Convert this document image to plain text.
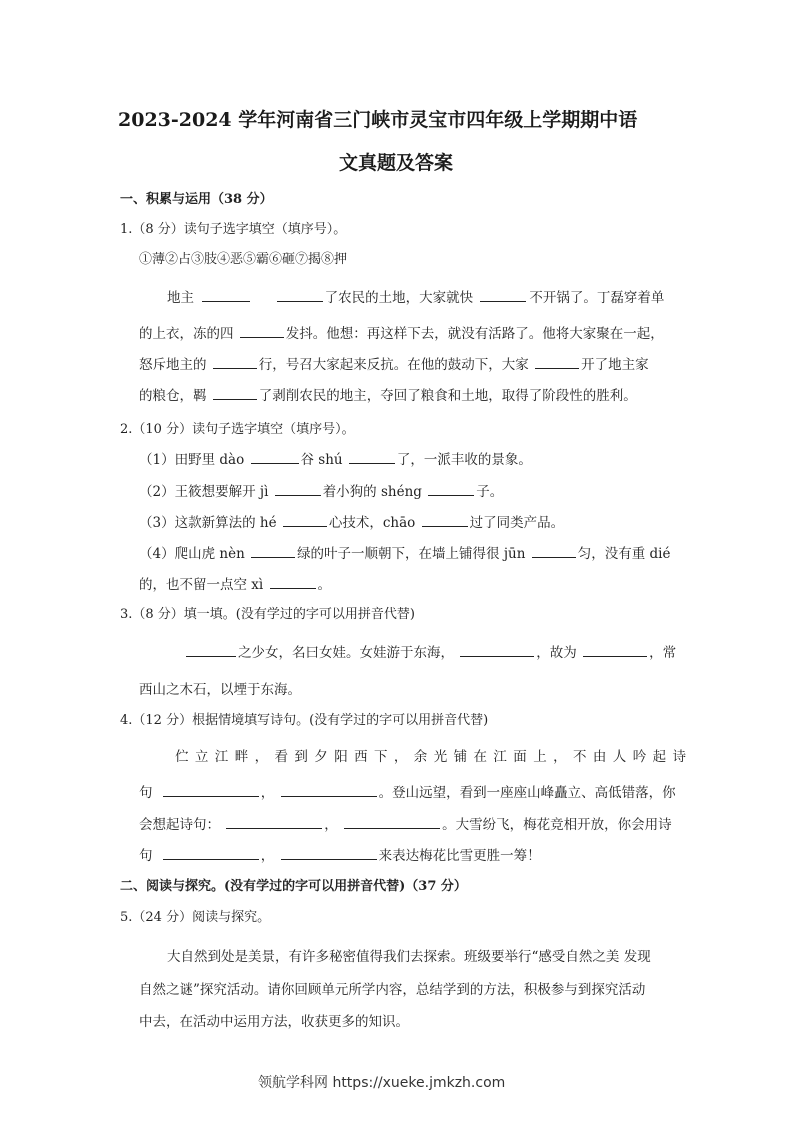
2023-2024 学年河南省三门峡市灵宝市四年级上学期期中语
文真题及答案
一、积累与运用（38 分）
1.（8 分）读句子选字填空（填序号）。
①薄②占③肢④恶⑤霸⑥砸⑦揭⑧押
地主	了农民的土地，大家就快	不开锅了。丁磊穿着单
的上衣，冻的四	发抖。他想：再这样下去，就没有活路了。他将大家聚在一起，
怒斥地主的	行，号召大家起来反抗。在他的鼓动下，大家	开了地主家
的粮仓，羁	了剥削农民的地主，夺回了粮食和土地，取得了阶段性的胜利。
2.（10 分）读句子选字填空（填序号）。
（1）田野里 dào	谷 shú	了，一派丰收的景象。
（2）王筱想要解开 jì	着小狗的 shéng	子。
（3）这款新算法的 hé	心技术，chāo	过了同类产品。
（4）爬山虎 nèn	绿的叶子一顺朝下，在墙上铺得很 jūn	匀，没有重 dié
的，也不留一点空 xì	。
3.（8 分）填一填。(没有学过的字可以用拼音代替)
之少女，名曰女娃。女娃游于东海，	，故为	，常
西山之木石，以堙于东海。
4.（12 分）根据情境填写诗句。(没有学过的字可以用拼音代替)
伫立江畔，看到夕阳西下，余光铺在江面上，不由人吟起诗
句	，	。登山远望，看到一座座山峰矗立、高低错落，你
会想起诗句：	，	。大雪纷飞，梅花竞相开放，你会用诗
句	，	来表达梅花比雪更胜一筹！
二、阅读与探究。(没有学过的字可以用拼音代替)（37 分）
5.（24 分）阅读与探究。
大自然到处是美景，有许多秘密值得我们去探索。班级要举行“感受自然之美 发现
自然之谜”探究活动。请你回顾单元所学内容，总结学到的方法，积极参与到探究活动
中去，在活动中运用方法，收获更多的知识。
领航学科网 https://xueke.jmkzh.com
